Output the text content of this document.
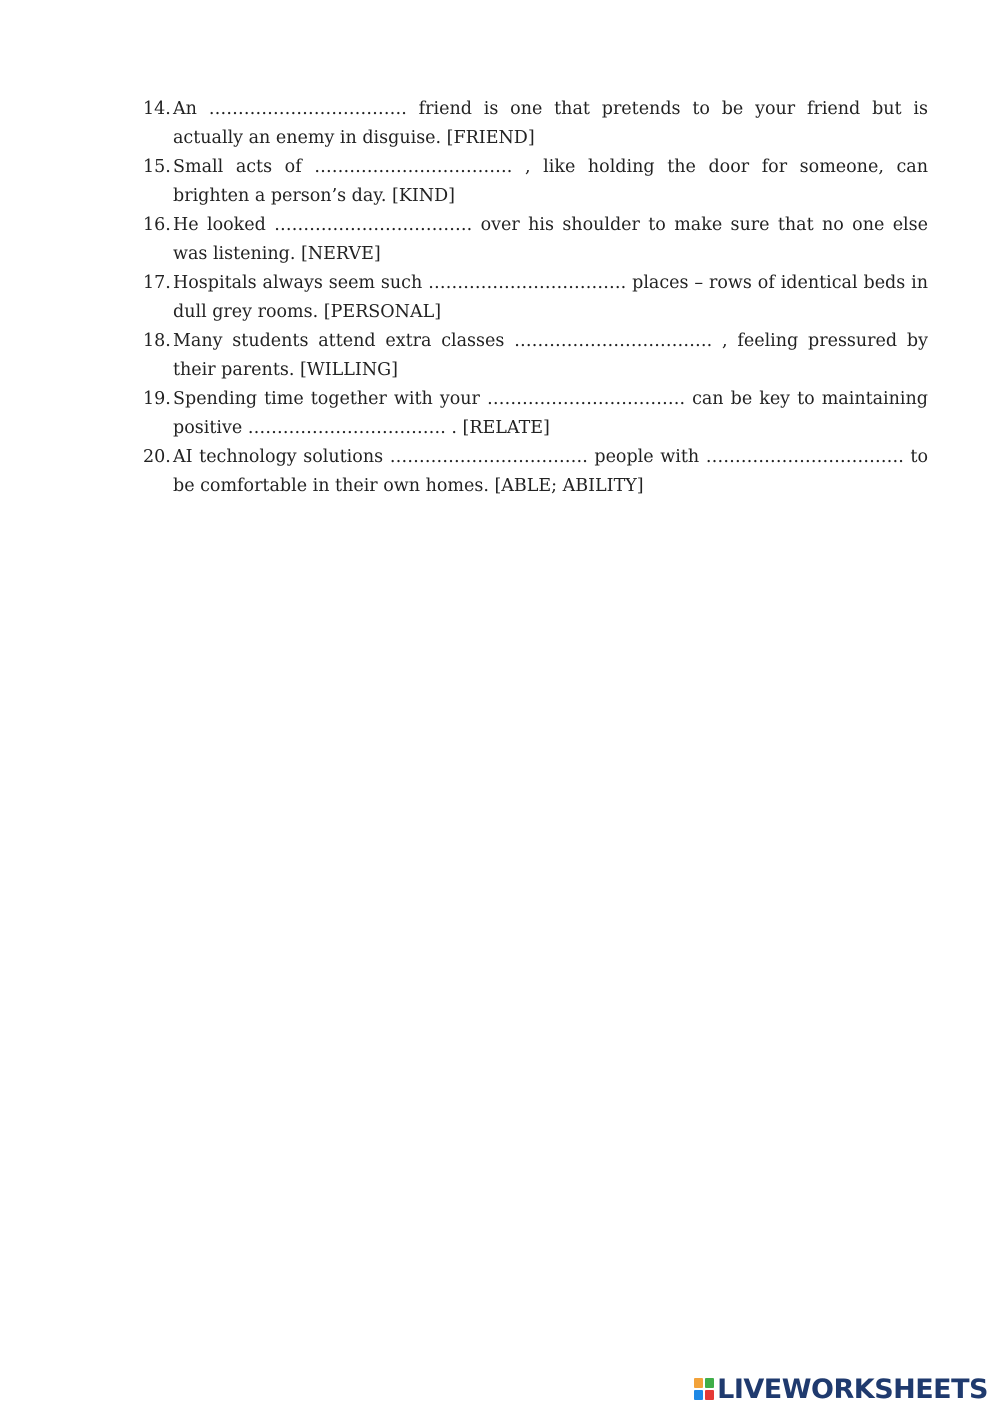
14. An ……………………………. friend is one that pretends to be your friend but is actually an enemy in disguise. [FRIEND]

15. Small acts of ……………………………. , like holding the door for someone, can brighten a person’s day. [KIND]

16. He looked ……………………………. over his shoulder to make sure that no one else was listening. [NERVE]

17. Hospitals always seem such ……………………………. places – rows of identical beds in dull grey rooms. [PERSONAL]

18. Many students attend extra classes ……………………………. , feeling pressured by their parents. [WILLING]

19. Spending time together with your ……………………………. can be key to maintaining positive ……………………………. . [RELATE]

20. AI technology solutions ……………………………. people with ……………………………. to be comfortable in their own homes. [ABLE; ABILITY]

LIVEWORKSHEETS
